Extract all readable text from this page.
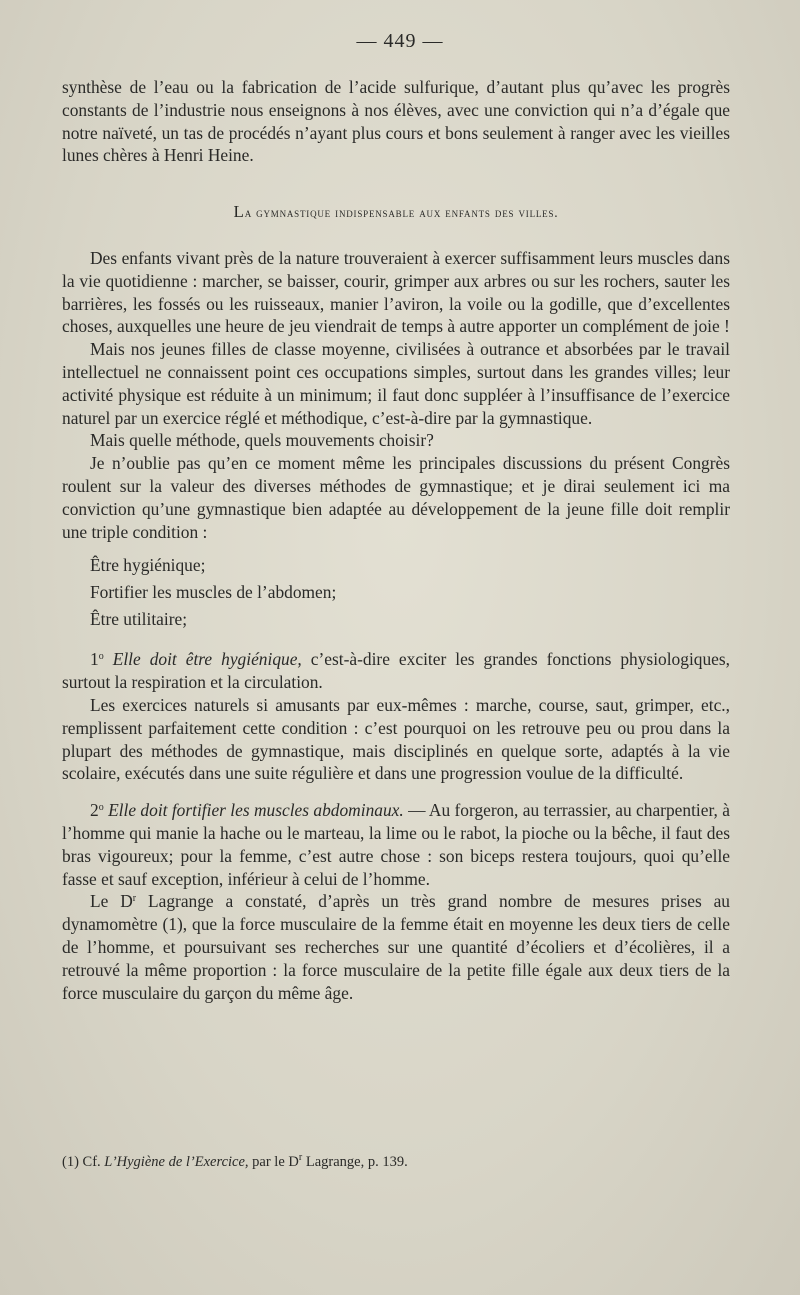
— 449 —

synthèse de l’eau ou la fabrication de l’acide sulfurique, d’autant plus qu’avec les progrès constants de l’industrie nous enseignons à nos élèves, avec une conviction qui n’a d’égale que notre naïveté, un tas de procédés n’ayant plus cours et bons seulement à ranger avec les vieilles lunes chères à Henri Heine.

La gymnastique indispensable aux enfants des villes.

Des enfants vivant près de la nature trouveraient à exercer suffisamment leurs muscles dans la vie quotidienne : marcher, se baisser, courir, grimper aux arbres ou sur les rochers, sauter les barrières, les fossés ou les ruisseaux, manier l’aviron, la voile ou la godille, que d’excellentes choses, auxquelles une heure de jeu viendrait de temps à autre apporter un complément de joie !

Mais nos jeunes filles de classe moyenne, civilisées à outrance et absorbées par le travail intellectuel ne connaissent point ces occupations simples, surtout dans les grandes villes; leur activité physique est réduite à un minimum; il faut donc suppléer à l’insuffisance de l’exercice naturel par un exercice réglé et méthodique, c’est-à-dire par la gymnastique.

Mais quelle méthode, quels mouvements choisir?

Je n’oublie pas qu’en ce moment même les principales discussions du présent Congrès roulent sur la valeur des diverses méthodes de gymnastique; et je dirai seulement ici ma conviction qu’une gymnastique bien adaptée au développement de la jeune fille doit remplir une triple condition :

Être hygiénique;

Fortifier les muscles de l’abdomen;

Être utilitaire;

1$^o$ Elle doit être hygiénique, c’est-à-dire exciter les grandes fonctions physiologiques, surtout la respiration et la circulation.

Les exercices naturels si amusants par eux-mêmes : marche, course, saut, grimper, etc., remplissent parfaitement cette condition : c’est pourquoi on les retrouve peu ou prou dans la plupart des méthodes de gymnastique, mais disciplinés en quelque sorte, adaptés à la vie scolaire, exécutés dans une suite régulière et dans une progression voulue de la difficulté.

2$^o$ Elle doit fortifier les muscles abdominaux. — Au forgeron, au terrassier, au charpentier, à l’homme qui manie la hache ou le marteau, la lime ou le rabot, la pioche ou la bêche, il faut des bras vigoureux; pour la femme, c’est autre chose : son biceps restera toujours, quoi qu’elle fasse et sauf exception, inférieur à celui de l’homme.

Le $D^r$ Lagrange a constaté, d’après un très grand nombre de mesures prises au dynamomètre (1), que la force musculaire de la femme était en moyenne les deux tiers de celle de l’homme, et poursuivant ses recherches sur une quantité d’écoliers et d’écolières, il a retrouvé la même proportion : la force musculaire de la petite fille égale aux deux tiers de la force musculaire du garçon du même âge.

(1) Cf. L’Hygiène de l’Exercice, par le $D^r$ Lagrange, p. 139.
